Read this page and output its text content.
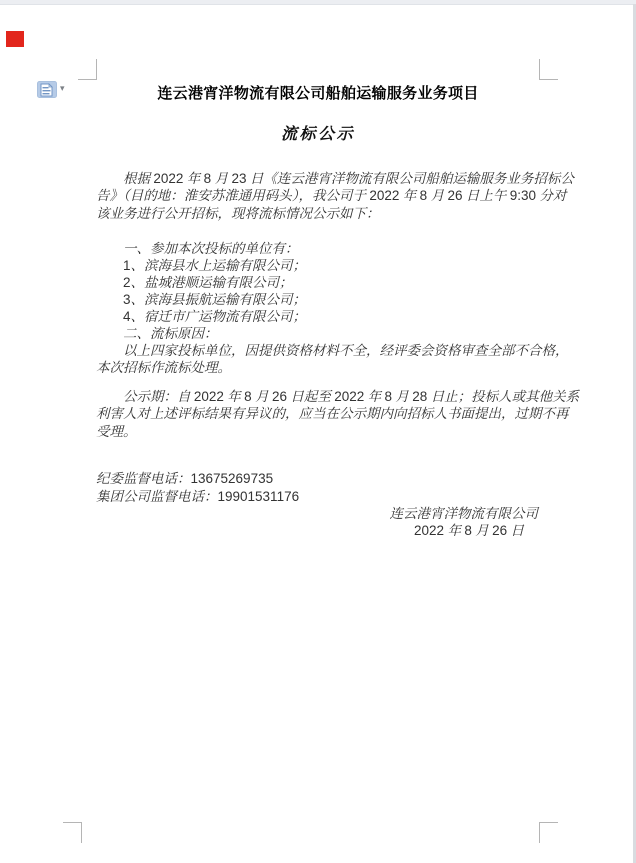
▾	连云港宵洋物流有限公司船舶运输服务业务项目
流标公示
根据 2022 年 8 月 23 日《连云港宵洋物流有限公司船舶运输服务业务招标公
告》（目的地：淮安苏淮通用码头），我公司于 2022 年 8 月 26 日上午 9:30 分对
该业务进行公开招标，现将流标情况公示如下：
一、参加本次投标的单位有：
1、滨海县水上运输有限公司；
2、盐城港顺运输有限公司；
3、滨海县振航运输有限公司；
4、宿迁市广运物流有限公司；
二、流标原因：
以上四家投标单位，因提供资格材料不全，经评委会资格审查全部不合格，
本次招标作流标处理。
公示期：自 2022 年 8 月 26 日起至 2022 年 8 月 28 日止；投标人或其他关系
利害人对上述评标结果有异议的，应当在公示期内向招标人书面提出，过期不再
受理。
纪委监督电话：13675269735
集团公司监督电话：19901531176
连云港宵洋物流有限公司
2022 年 8 月 26 日
